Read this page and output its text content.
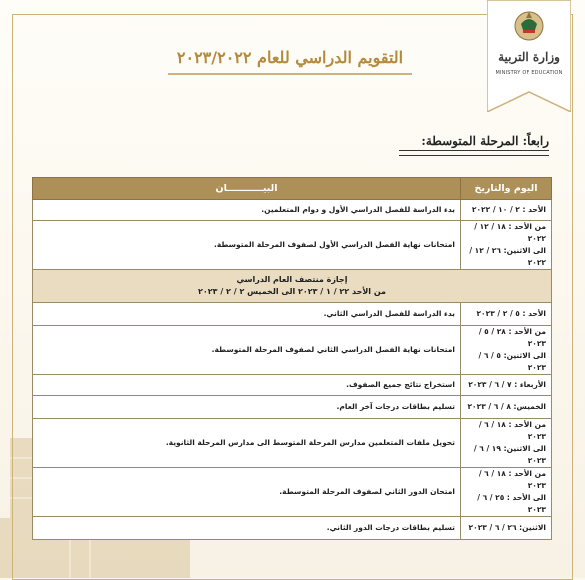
وزارة التربية
MINISTRY OF EDUCATION
التقويم الدراسي للعام ٢٠٢٣/٢٠٢٢
رابعاً: المرحلة المتوسطة:
اليوم والتاريخ	البيـــــــــــان

الأحد : ٢ / ١٠ / ٢٠٢٢	بدء الدراسة للفصل الدراسي الأول و دوام المتعلمين.

من الأحد : ١٨ / ١٢ / ٢٠٢٢
الى الاثنين: ٢٦ / ١٢ / ٢٠٢٢	امتحانات نهاية الفصل الدراسي الأول لصفوف المرحلة المتوسطة.

إجازة منتصف العام الدراسي
من الأحد ٢٢ / ١ / ٢٠٢٣ الى الخميس ٢ / ٢ / ٢٠٢٣	

الأحد : ٥ / ٢ / ٢٠٢٣	بدء الدراسة للفصل الدراسي الثاني.

من الأحد : ٢٨ / ٥ / ٢٠٢٣
الى الاثنين: ٥ / ٦ / ٢٠٢٣	امتحانات نهاية الفصل الدراسي الثاني لصفوف المرحلة المتوسطة.

الأربعاء : ٧ / ٦ / ٢٠٢٣	استخراج نتائج جميع الصفوف.

الخميس: ٨ / ٦ / ٢٠٢٣	تسليم بطاقات درجات آخر العام.

من الأحد : ١٨ / ٦ / ٢٠٢٣
الى الاثنين: ١٩ / ٦ / ٢٠٢٣	تحويل ملفات المتعلمين مدارس المرحلة المتوسط الى مدارس المرحلة الثانوية.

من الأحد : ١٨ / ٦ / ٢٠٢٣
الى الأحد : ٢٥ / ٦ / ٢٠٢٣	امتحان الدور الثاني لصفوف المرحلة المتوسطة.

الاثنين: ٢٦ / ٦ / ٢٠٢٣	تسليم بطاقات درجات الدور الثاني.
